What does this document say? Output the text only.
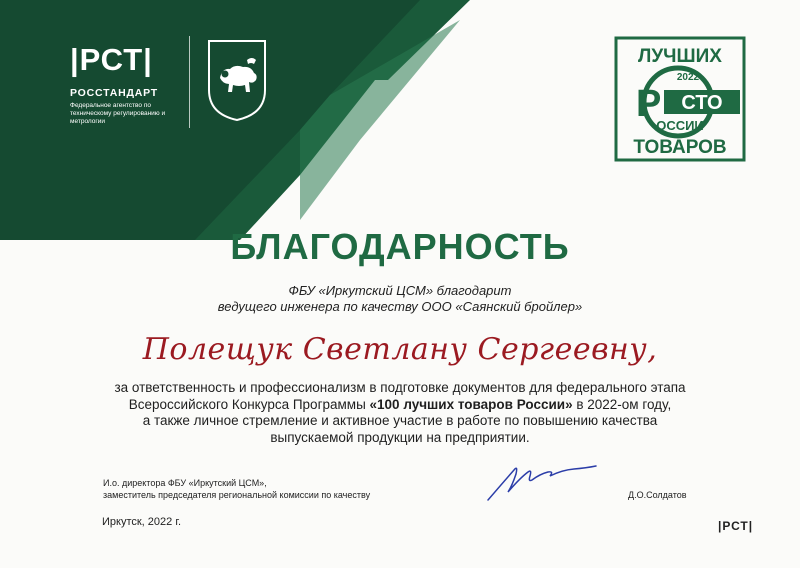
|РСТ|
РОССТАНДАРТ
Федеральное агентство по техническому регулированию и метрологии
ЛУЧШИХ
2022
Р СТО
ОССИИ
ТОВАРОВ
БЛАГОДАРНОСТЬ
ФБУ «Иркутский ЦСМ» благодарит
ведущего инженера по качеству ООО «Саянский бройлер»
Полещук Светлану Сергеевну,
за ответственность и профессионализм в подготовке документов для федерального этапа
Всероссийского Конкурса Программы «100 лучших товаров России» в 2022-ом году,
а также личное стремление и активное участие в работе по повышению качества
выпускаемой продукции на предприятии.
И.о. директора ФБУ «Иркутский ЦСМ»,
заместитель председателя региональной комиссии по качеству	Д.О.Солдатов
Иркутск, 2022 г.	|РСТ|
